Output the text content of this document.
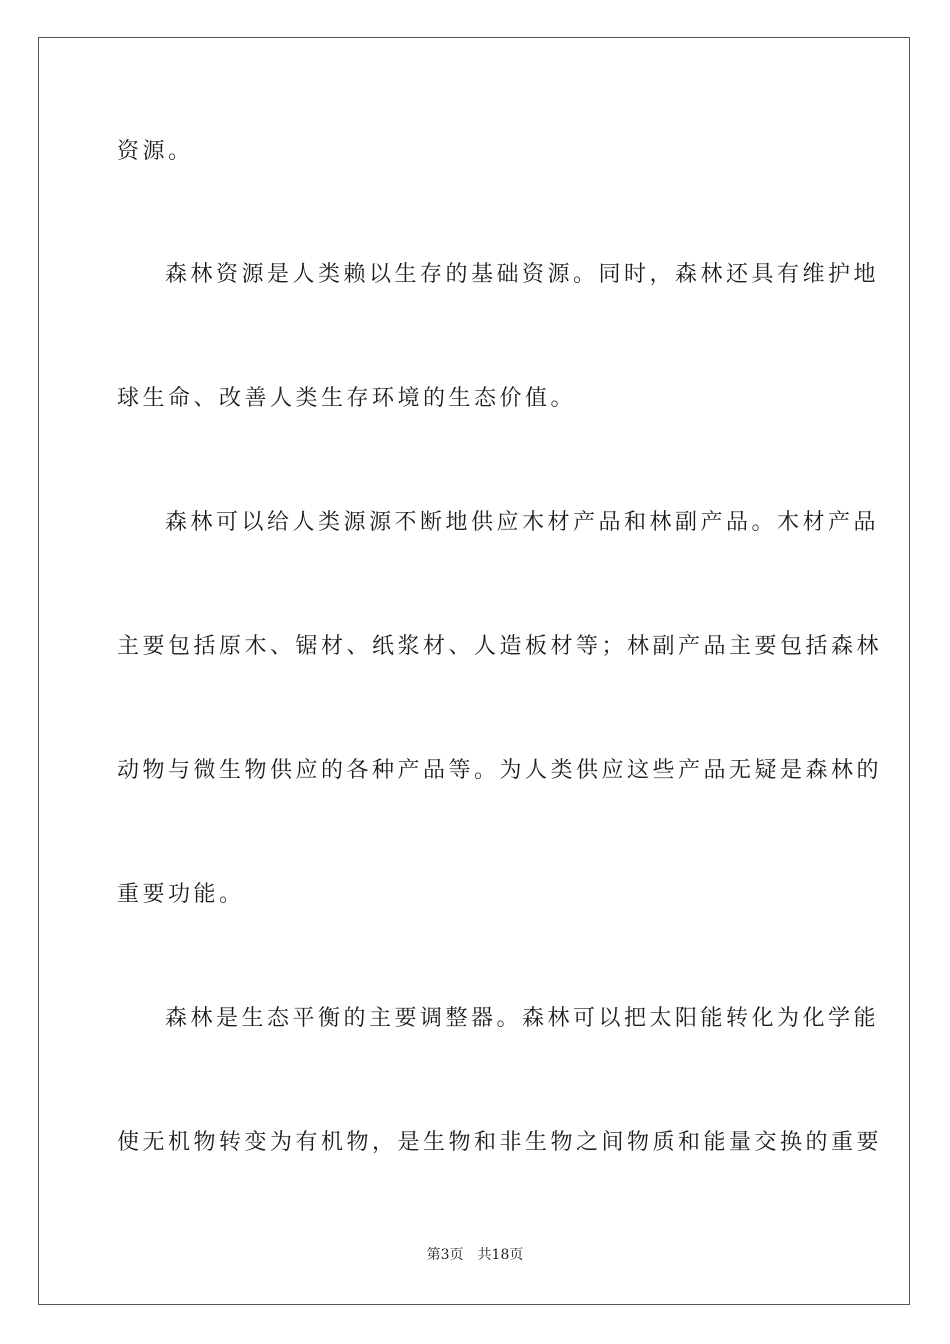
资源。
森林资源是人类赖以生存的基础资源。同时，森林还具有维护地
球生命、改善人类生存环境的生态价值。
森林可以给人类源源不断地供应木材产品和林副产品。木材产品
主要包括原木、锯材、纸浆材、人造板材等；林副产品主要包括森林
动物与微生物供应的各种产品等。为人类供应这些产品无疑是森林的
重要功能。
森林是生态平衡的主要调整器。森林可以把太阳能转化为化学能
使无机物转变为有机物，是生物和非生物之间物质和能量交换的重要
第3页 共18页
